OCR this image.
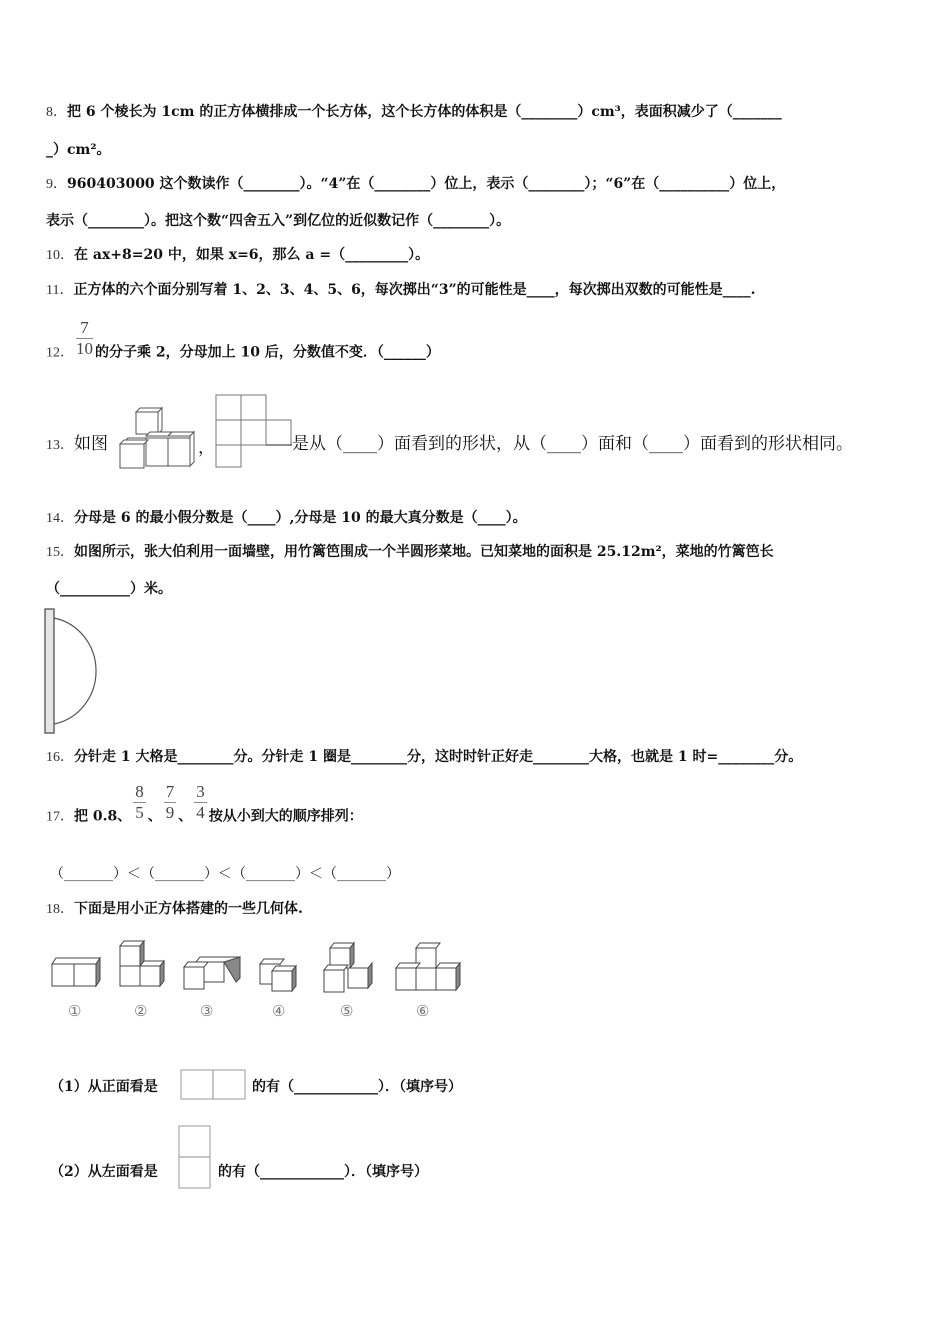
8．把 6 个棱长为 1cm 的正方体横排成一个长方体，这个长方体的体积是（________）cm³，表面积减少了（_______
_）cm²。
9．960403000 这个数读作（________）。“4”在（________）位上，表示（________）；“6”在（__________）位上，
表示（________）。把这个数“四舍五入”到亿位的近似数记作（________）。
10．在 ax+8=20 中，如果 x=6，那么 a =（_________）。
11．正方体的六个面分别写着 1、2、3、4、5、6，每次掷出“3”的可能性是____，每次掷出双数的可能性是____.
12． $\frac{7}{10}$ 的分子乘 2，分母加上 10 后，分数值不变．（______）
13．如图	，	是从（____）面看到的形状，从（____）面和（____）面看到的形状相同。
14．分母是 6 的最小假分数是（____）,分母是 10 的最大真分数是（____）。
15．如图所示，张大伯利用一面墙壁，用竹篱笆围成一个半圆形菜地。已知菜地的面积是 25.12m²，菜地的竹篱笆长
（__________）米。
16．分针走 1 大格是________分。分针走 1 圈是________分，这时时针正好走________大格，也就是 1 时=________分。
17．把 0.8、 $\frac{8}{5}$ 、 $\frac{7}{9}$ 、 $\frac{3}{4}$ 按从小到大的顺序排列：
（_______）＜（_______）＜（_______）＜（_______）
18．下面是用小正方体搭建的一些几何体.
①	②	③	④	⑤	⑥
（1）从正面看是	的有（____________）．（填序号）
（2）从左面看是	的有（____________）．（填序号）
